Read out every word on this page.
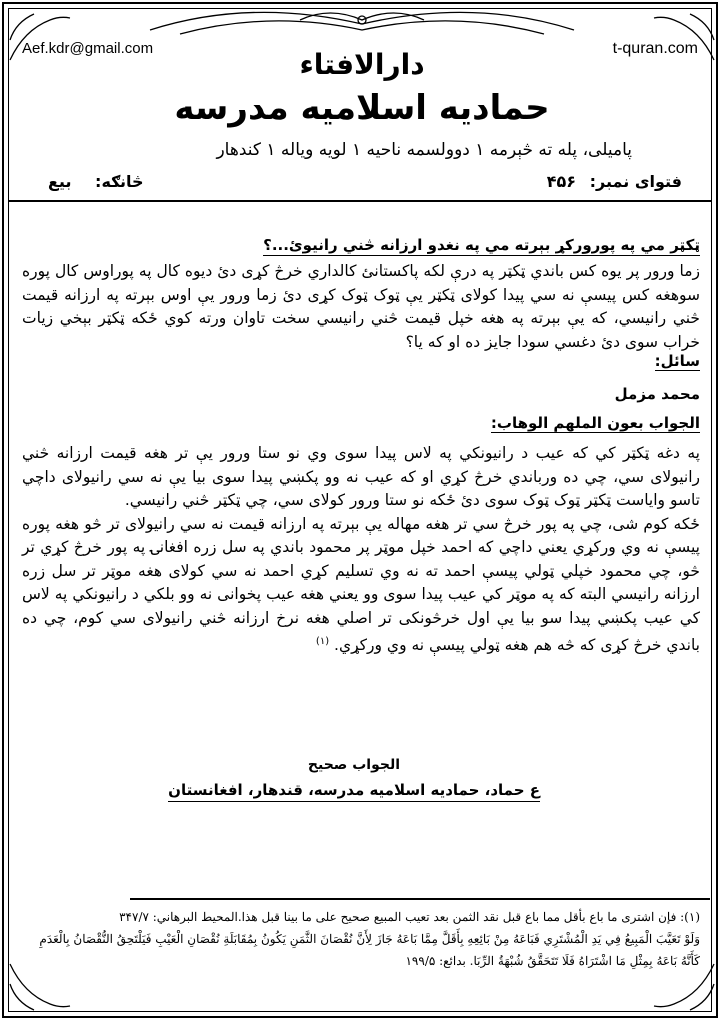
Aef.kdr@gmail.com	t-quran.com
دارالافتاء
حمادیه اسلامیه مدرسه
پامیلی، پله ته څېرمه ۱ دوولسمه ناحیه ۱ لویه ویاله ۱ کندهار
فتوای نمبر: ۴۵۶
څانګه: بیع
ټکټر مي په پورورکړ بېرته مي په نغدو ارزانه څني رانیوئ...؟
زما ورور پر یوه کس باندي ټکټر په درې لکه پاکستانئ کالداري خرڅ کړی دئ دیوه کال په پوراوس کال پوره سوهغه کس پیسې نه سي پیدا کولای ټکټر یې ټوک ټوک کړی دئ زما ورور یې اوس بېرته په ارزانه قیمت څني رانیسي، که یې بېرته په هغه خپل قیمت څني رانیسي سخت تاوان ورته کوي ځکه ټکټر بېخي زیات خراب سوی دئ دغسي سودا جایز ده او که یا؟
سائل:
محمد مزمل
الجواب بعون الملهم الوهاب:
په دغه ټکټر کي که عیب د رانیونکي په لاس پیدا سوی وي نو ستا ورور یې تر هغه قیمت ارزانه څني رانیولای سي، چي ده ورباندي خرڅ کړي او که عیب نه وو پکښي پیدا سوی بیا یې نه سي رانیولای داچي تاسو وایاست ټکټر ټوک ټوک سوی دئ ځکه نو ستا ورور کولای سي، چي ټکټر څني رانیسي.
ځکه کوم شی، چي په پور خرڅ سي تر هغه مهاله یې بېرته په ارزانه قیمت نه سي رانیولای تر څو هغه پوره پیسې نه وي ورکړي یعني داچي که احمد خپل موټر پر محمود باندي په سل زره افغانۍ په پور خرڅ کړي تر څو، چي محمود خپلي ټولي پیسې احمد ته نه وي تسلیم کړي احمد نه سي کولای هغه موټر تر سل زره ارزانه رانیسي البته که په موټر کي عیب پیدا سوی وو یعني هغه عیب پخوانی نه وو بلکي د رانیونکي په لاس کي عیب پکښي پیدا سو بیا یې اول خرڅونکی تر اصلي هغه نرخ ارزانه څني رانیولای سي کوم، چي ده باندي خرڅ کړی که څه هم هغه ټولي پیسې نه وي ورکړي. $^{(۱)}$
الجواب صحیح
ع حماد، حمادیه اسلامیه مدرسه، قندهار، افغانستان
(۱): فإن اشتری ما باع بأقل مما باع قبل نقد الثمن بعد تعیب المبیع صحیح علی ما بینا قبل هذا.المحیط البرهاني: ۳۴۷/۷
وَلَوْ تَعَیَّبَ الْمَبِیعُ فِي یَدِ الْمُشْتَرِي فَبَاعَهُ مِنْ بَائِعِهِ بِأَقَلَّ مِمَّا بَاعَهُ جَازَ لِأَنَّ نُقْصَانَ الثَّمَنِ یَکُونُ بِمُقَابَلَةِ نُقْصَانِ الْعَیْبِ فَیَلْتَحِقُ النُّقْصَانُ بِالْعَدَمِ
کَأَنَّهُ بَاعَهُ بِمِثْلِ مَا اشْتَرَاهُ فَلَا تَتَحَقَّقُ شُبْهَةُ الرِّبَا. بدائع: ۱۹۹/۵
